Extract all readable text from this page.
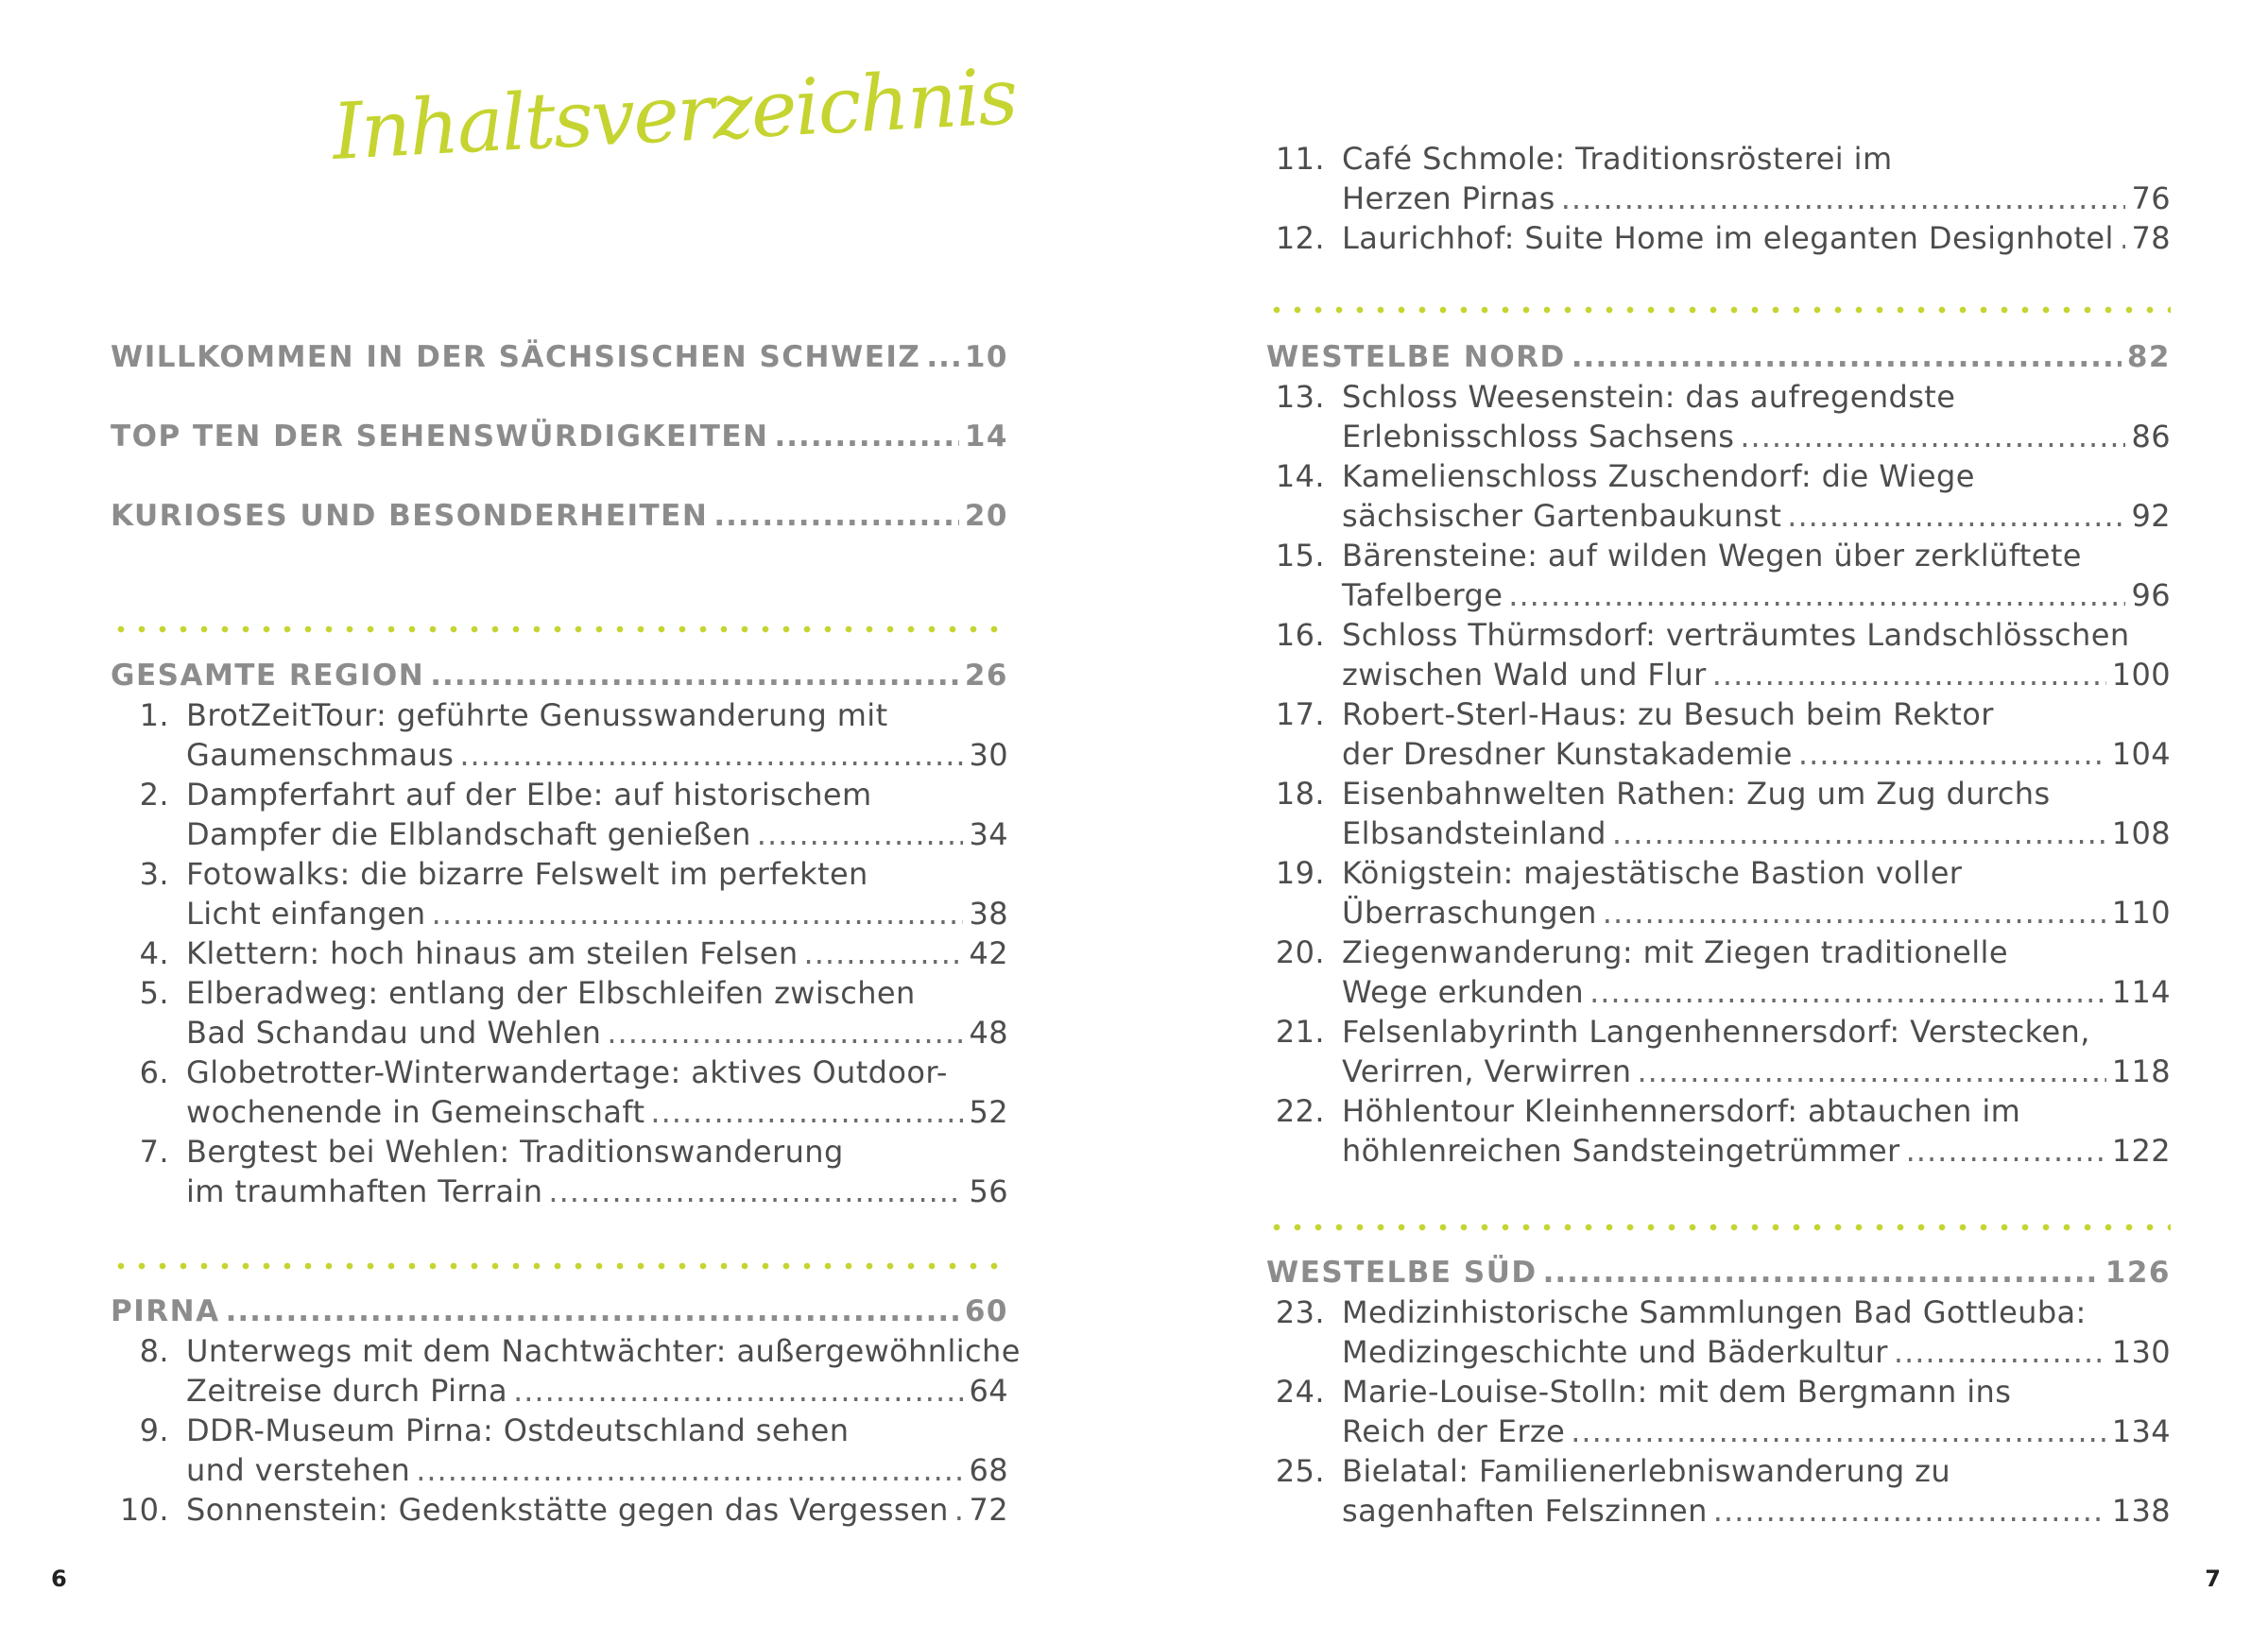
Inhaltsverzeichnis
WILLKOMMEN IN DER SÄCHSISCHEN SCHWEIZ ..... 10
TOP TEN DER SEHENSWÜRDIGKEITEN .....	14
KURIOSES UND BESONDERHEITEN .....	20
GESAMTE REGION .....	26
1. BrotZeitTour: geführte Genusswanderung mit
Gaumenschmaus .....	30
2. Dampferfahrt auf der Elbe: auf historischem
Dampfer die Elblandschaft genießen .....	34
3. Fotowalks: die bizarre Felswelt im perfekten
Licht einfangen .....	38
4. Klettern: hoch hinaus am steilen Felsen .....	42
5. Elberadweg: entlang der Elbschleifen zwischen
Bad Schandau und Wehlen .....	48
6. Globetrotter-Winterwandertage: aktives Outdoor-
wochenende in Gemeinschaft .....	52
7. Bergtest bei Wehlen: Traditionswanderung
im traumhaften Terrain .....	56
PIRNA .....	60
8. Unterwegs mit dem Nachtwächter: außergewöhnliche
Zeitreise durch Pirna .....	64
9. DDR-Museum Pirna: Ostdeutschland sehen
und verstehen .....	68
10. Sonnenstein: Gedenkstätte gegen das Vergessen ..... 72
11. Café Schmole: Traditionsrösterei im
Herzen Pirnas .....	76
12. Laurichhof: Suite Home im eleganten Designhotel ..... 78
WESTELBE NORD .....	82
13. Schloss Weesenstein: das aufregendste
Erlebnisschloss Sachsens .....	86
14. Kamelienschloss Zuschendorf: die Wiege
sächsischer Gartenbaukunst .....	92
15. Bärensteine: auf wilden Wegen über zerklüftete
Tafelberge .....	96
16. Schloss Thürmsdorf: verträumtes Landschlösschen
zwischen Wald und Flur .....	100
17. Robert-Sterl-Haus: zu Besuch beim Rektor
der Dresdner Kunstakademie .....	104
18. Eisenbahnwelten Rathen: Zug um Zug durchs
Elbsandsteinland .....	108
19. Königstein: majestätische Bastion voller
Überraschungen .....	110
20. Ziegenwanderung: mit Ziegen traditionelle
Wege erkunden .....	114
21. Felsenlabyrinth Langenhennersdorf: Verstecken,
Verirren, Verwirren .....	118
22. Höhlentour Kleinhennersdorf: abtauchen im
höhlenreichen Sandsteingetrümmer .....	122
WESTELBE SÜD .....	126
23. Medizinhistorische Sammlungen Bad Gottleuba:
Medizingeschichte und Bäderkultur .....	130
24. Marie-Louise-Stolln: mit dem Bergmann ins
Reich der Erze .....	134
25. Bielatal: Familienerlebniswanderung zu
sagenhaften Felszinnen .....	138
6	7
